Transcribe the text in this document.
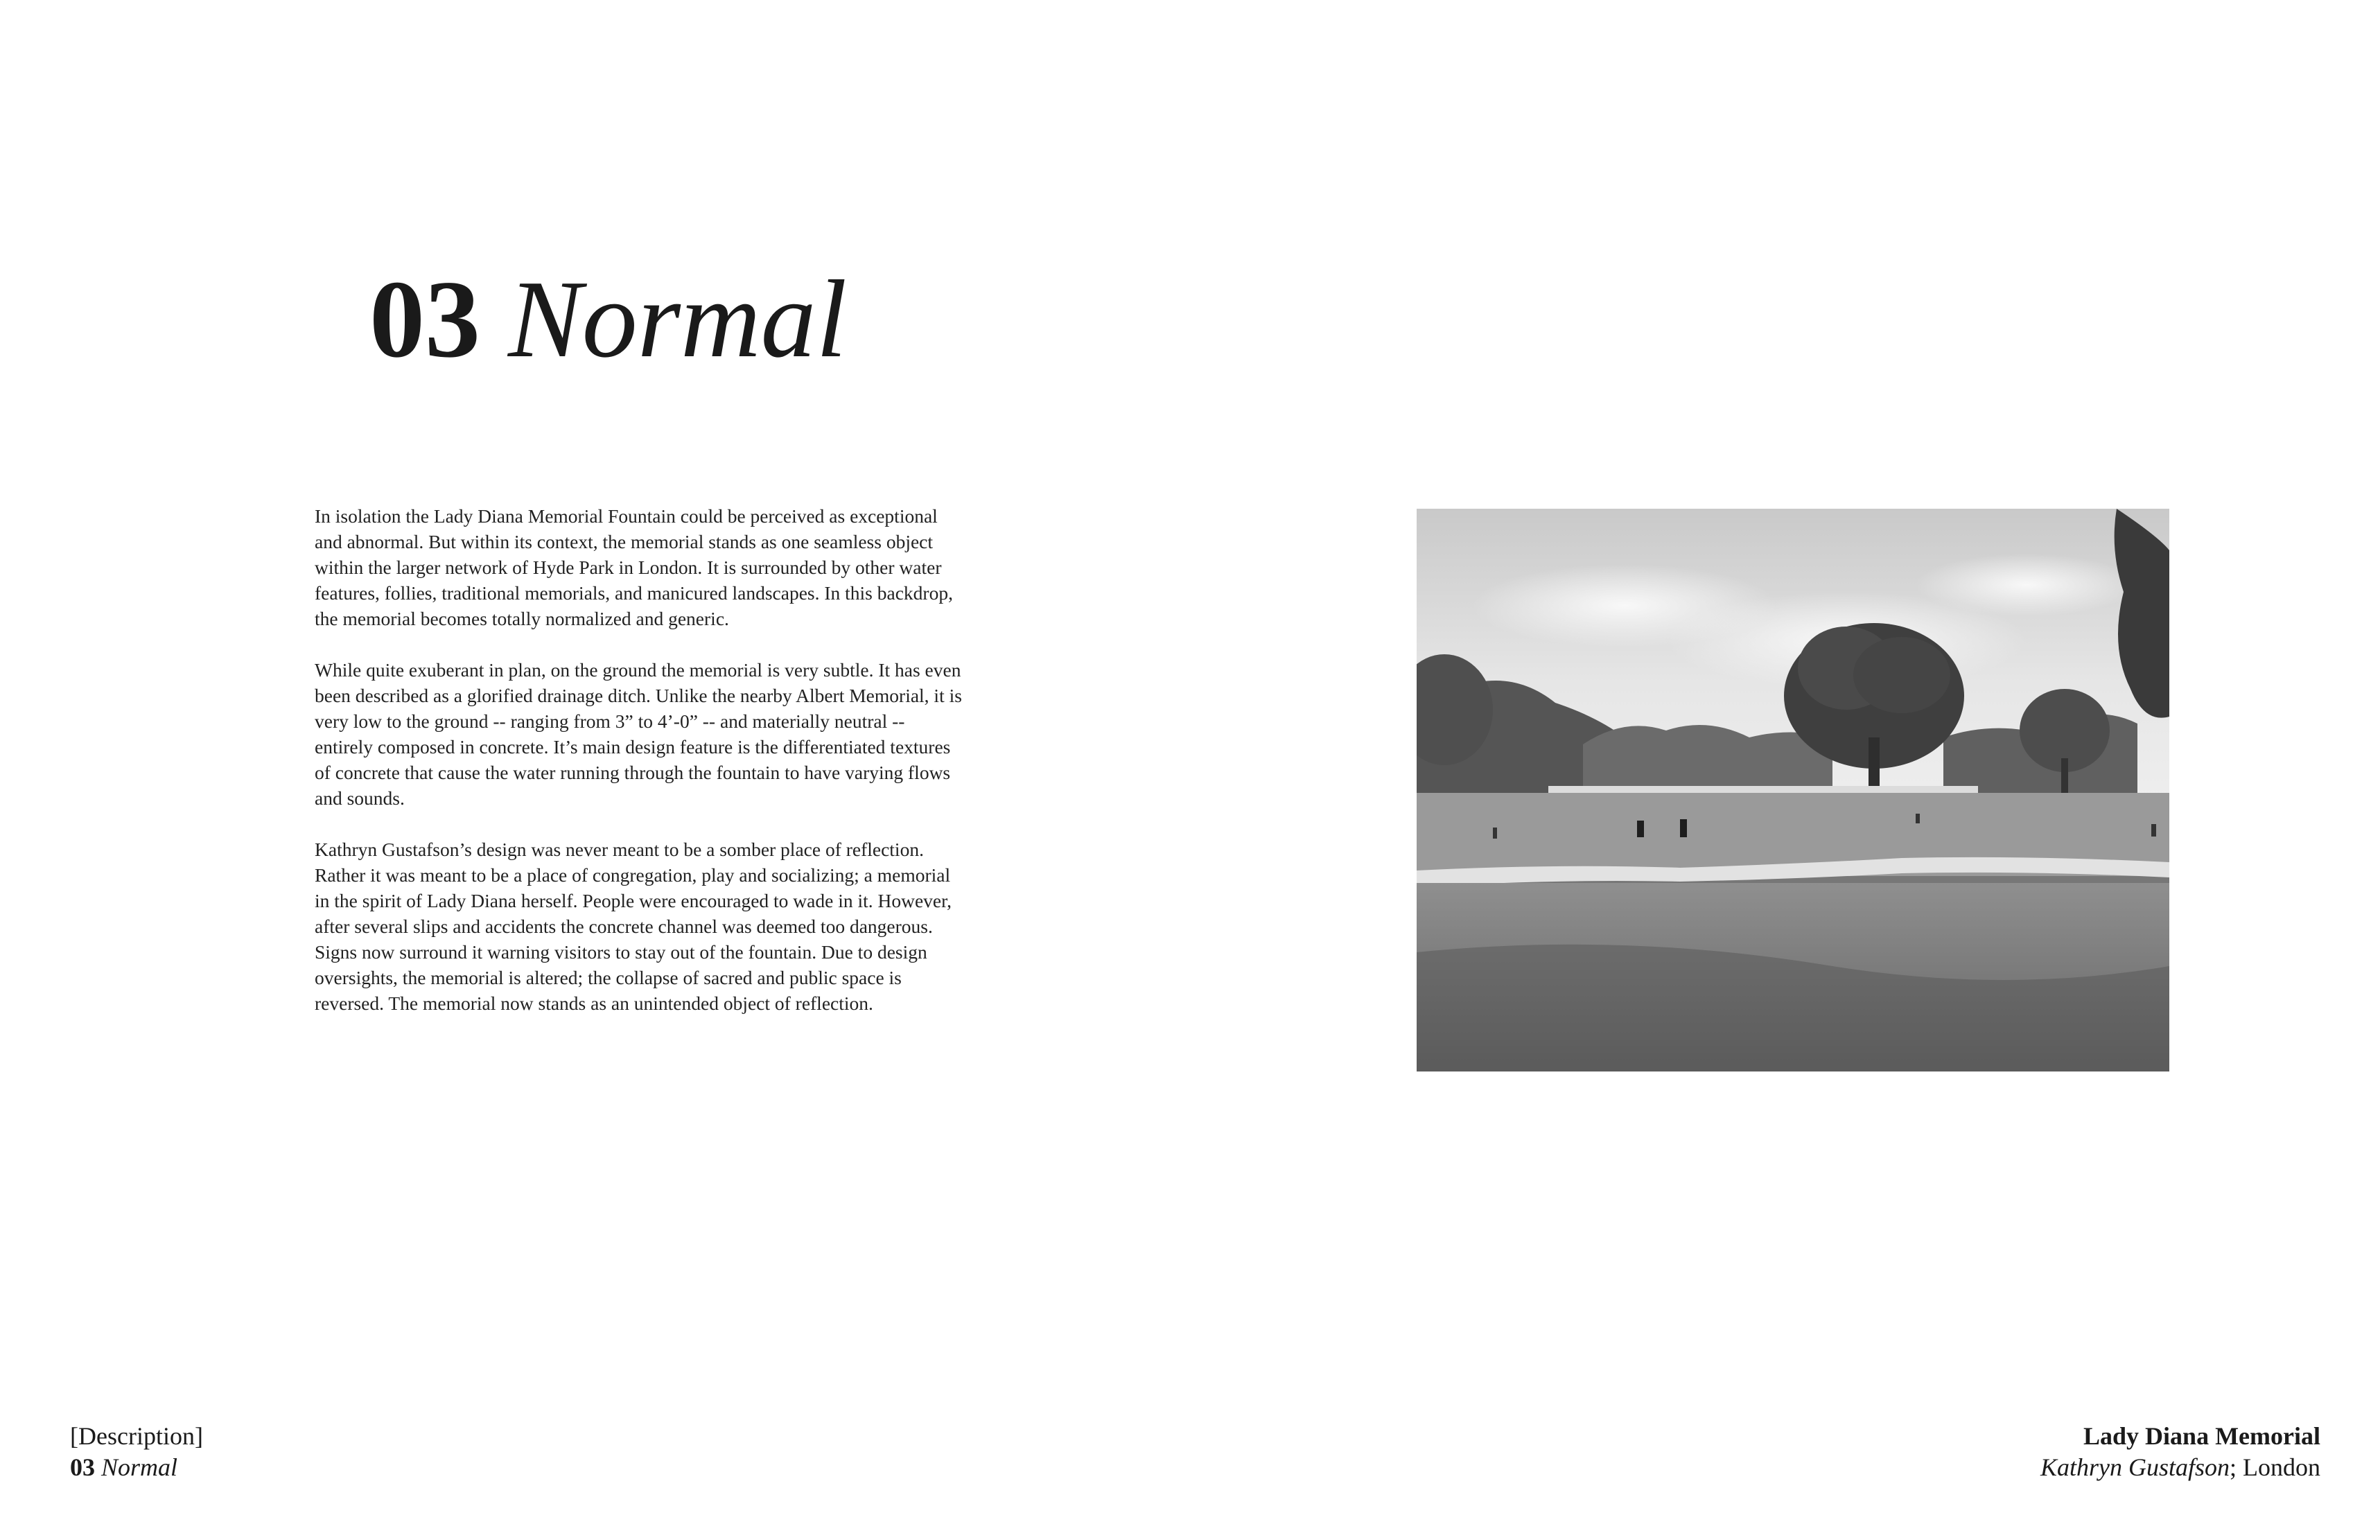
03 Normal

In isolation the Lady Diana Memorial Fountain could be perceived as exceptional and abnormal. But within its context, the memorial stands as one seamless object within the larger network of Hyde Park in London. It is surrounded by other water features, follies, traditional memorials, and manicured landscapes. In this backdrop, the memorial becomes totally normalized and generic.

While quite exuberant in plan, on the ground the memorial is very subtle. It has even been described as a glorified drainage ditch. Unlike the nearby Albert Memorial, it is very low to the ground -- ranging from 3” to 4’-0” -- and materially neutral -- entirely composed in concrete. It’s main design feature is the differentiated textures of concrete that cause the water running through the fountain to have varying flows and sounds.

Kathryn Gustafson’s design was never meant to be a somber place of reflection. Rather it was meant to be a place of congregation, play and socializing; a memorial in the spirit of Lady Diana herself. People were encouraged to wade in it. However, after several slips and accidents the concrete channel was deemed too dangerous. Signs now surround it warning visitors to stay out of the fountain. Due to design oversights, the memorial is altered; the collapse of sacred and public space is reversed. The memorial now stands as an unintended object of reflection.

[Description]
03 Normal
Lady Diana Memorial
Kathryn Gustafson; London
